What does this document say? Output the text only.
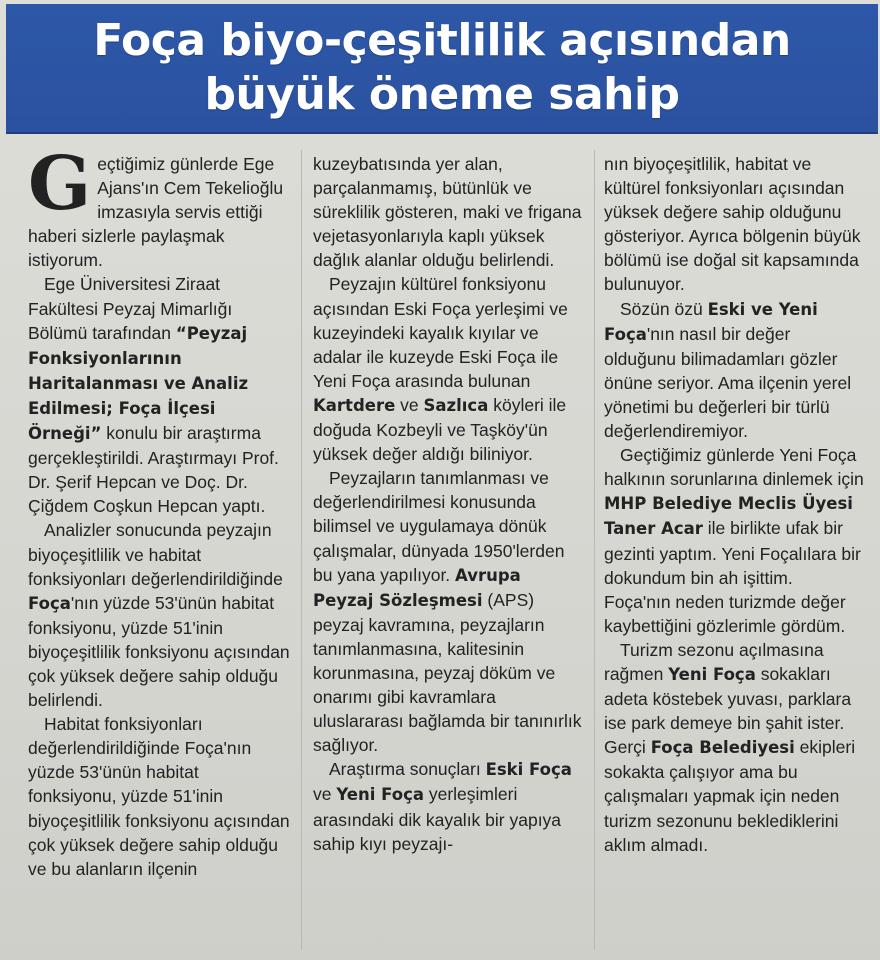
Foça biyo-çeşitlilik açısından
büyük öneme sahip

Geçtiğimiz günlerde Ege Ajans'ın Cem Tekelioğlu imzasıyla servis ettiği haberi sizlerle paylaşmak istiyorum.

Ege Üniversitesi Ziraat Fakültesi Peyzaj Mimarlığı Bölümü tarafından “Peyzaj Fonksiyonlarının Haritalanması ve Analiz Edilmesi; Foça İlçesi Örneği” konulu bir araştırma gerçekleştirildi. Araştırmayı Prof. Dr. Şerif Hepcan ve Doç. Dr. Çiğdem Coşkun Hepcan yaptı.

Analizler sonucunda peyzajın biyoçeşitlilik ve habitat fonksiyonları değerlendirildiğinde Foça'nın yüzde 53'ünün habitat fonksiyonu, yüzde 51'inin biyoçeşitlilik fonksiyonu açısından çok yüksek değere sahip olduğu belirlendi.

Habitat fonksiyonları değerlendirildiğinde Foça'nın yüzde 53'ünün habitat fonksiyonu, yüzde 51'inin biyoçeşitlilik fonksiyonu açısından çok yüksek değere sahip olduğu ve bu alanların ilçenin

kuzeybatısında yer alan, parçalanmamış, bütünlük ve süreklilik gösteren, maki ve frigana vejetasyonlarıyla kaplı yüksek dağlık alanlar olduğu belirlendi.

Peyzajın kültürel fonksiyonu açısından Eski Foça yerleşimi ve kuzeyindeki kayalık kıyılar ve adalar ile kuzeyde Eski Foça ile Yeni Foça arasında bulunan Kartdere ve Sazlıca köyleri ile doğuda Kozbeyli ve Taşköy'ün yüksek değer aldığı biliniyor.

Peyzajların tanımlanması ve değerlendirilmesi konusunda bilimsel ve uygulamaya dönük çalışmalar, dünyada 1950'lerden bu yana yapılıyor. Avrupa Peyzaj Sözleşmesi (APS) peyzaj kavramına, peyzajların tanımlanmasına, kalitesinin korunmasına, peyzaj döküm ve onarımı gibi kavramlara uluslararası bağlamda bir tanınırlık sağlıyor.

Araştırma sonuçları Eski Foça ve Yeni Foça yerleşimleri arasındaki dik kayalık bir yapıya sahip kıyı peyzajı-

nın biyoçeşitlilik, habitat ve kültürel fonksiyonları açısından yüksek değere sahip olduğunu gösteriyor. Ayrıca bölgenin büyük bölümü ise doğal sit kapsamında bulunuyor.

Sözün özü Eski ve Yeni Foça'nın nasıl bir değer olduğunu bilimadamları gözler önüne seriyor. Ama ilçenin yerel yönetimi bu değerleri bir türlü değerlendiremiyor.

Geçtiğimiz günlerde Yeni Foça halkının sorunlarına dinlemek için MHP Belediye Meclis Üyesi Taner Acar ile birlikte ufak bir gezinti yaptım. Yeni Foçalılara bir dokundum bin ah işittim. Foça'nın neden turizmde değer kaybettiğini gözlerimle gördüm.

Turizm sezonu açılmasına rağmen Yeni Foça sokakları adeta köstebek yuvası, parklara ise park demeye bin şahit ister. Gerçi Foça Belediyesi ekipleri sokakta çalışıyor ama bu çalışmaları yapmak için neden turizm sezonunu beklediklerini aklım almadı.
